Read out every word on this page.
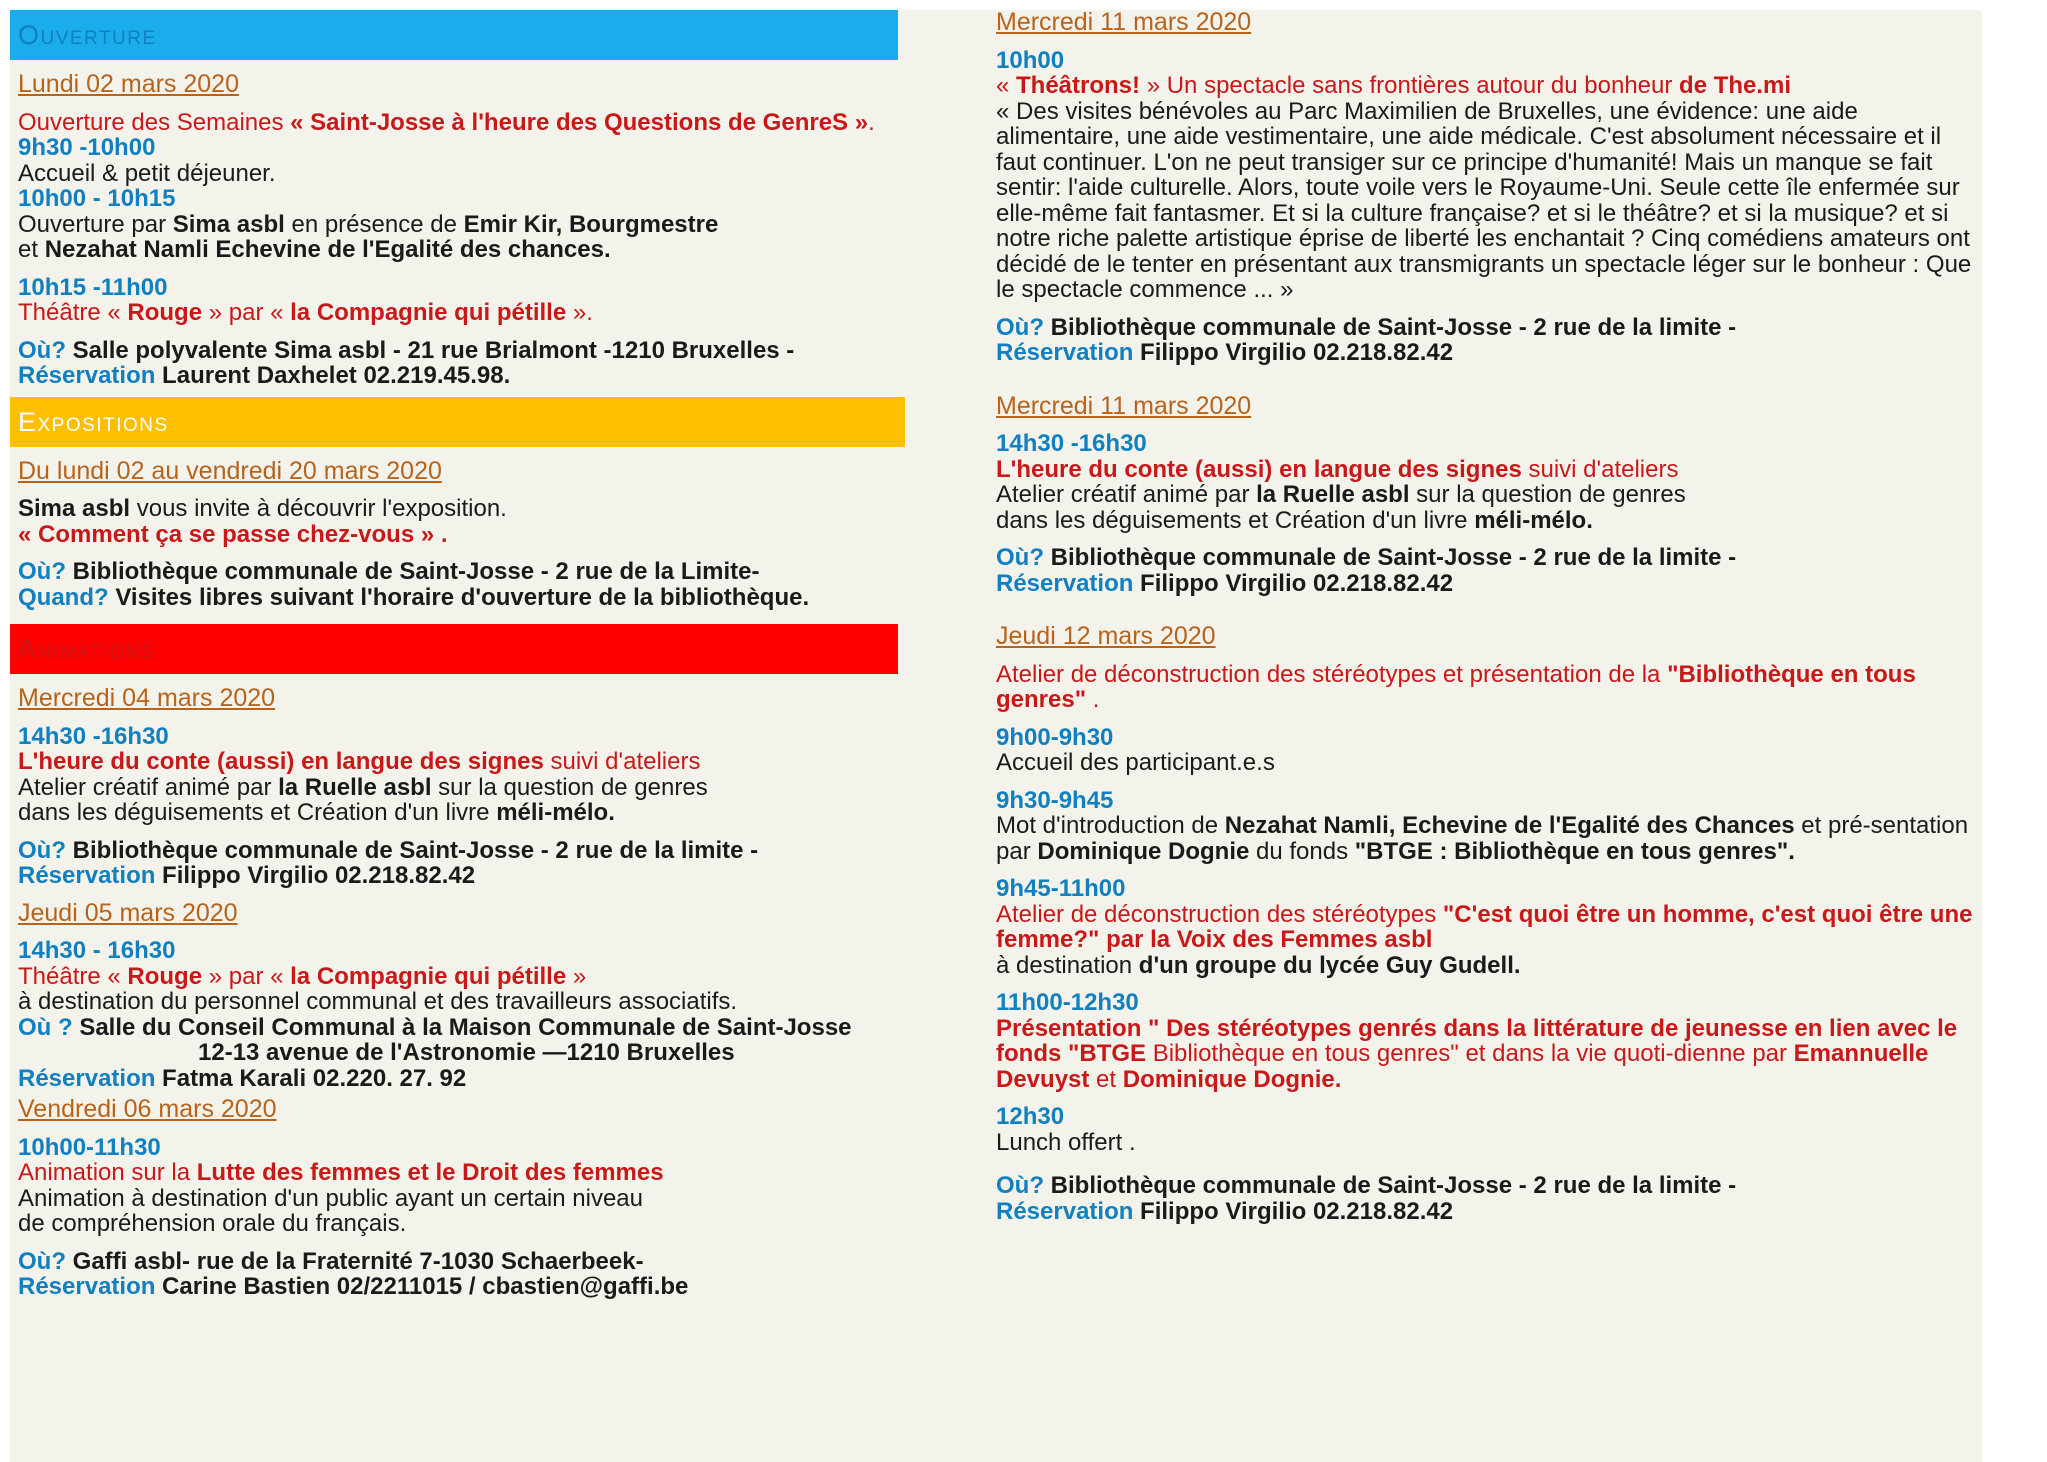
Ouverture
Lundi 02 mars 2020
Ouverture des Semaines « Saint-Josse à l'heure des Questions de GenreS ».
9h30 -10h00
Accueil & petit déjeuner.
10h00 - 10h15
Ouverture par Sima asbl en présence de Emir Kir, Bourgmestre
et Nezahat Namli Echevine de l'Egalité des chances.
10h15 -11h00
Théâtre « Rouge » par « la Compagnie qui pétille ».
Où? Salle polyvalente Sima asbl - 21 rue Brialmont -1210 Bruxelles -
Réservation Laurent Daxhelet 02.219.45.98.
Expositions
Du lundi 02 au vendredi 20 mars 2020
Sima asbl vous invite à découvrir l'exposition.
« Comment ça se passe chez-vous » .
Où? Bibliothèque communale de Saint-Josse - 2 rue de la Limite-
Quand? Visites libres suivant l'horaire d'ouverture de la bibliothèque.
Animations
Mercredi 04 mars 2020
14h30 -16h30
L'heure du conte (aussi) en langue des signes suivi d'ateliers
Atelier créatif animé par la Ruelle asbl sur la question de genres
dans les déguisements et Création d'un livre méli-mélo.
Où? Bibliothèque communale de Saint-Josse - 2 rue de la limite -
Réservation Filippo Virgilio 02.218.82.42
Jeudi 05 mars 2020
14h30 - 16h30
Théâtre « Rouge » par « la Compagnie qui pétille »
à destination du personnel communal et des travailleurs associatifs.
Où ? Salle du Conseil Communal à la Maison Communale de Saint-Josse
12-13 avenue de l'Astronomie —1210 Bruxelles
Réservation Fatma Karali 02.220. 27. 92
Vendredi 06 mars 2020
10h00-11h30
Animation sur la Lutte des femmes et le Droit des femmes
Animation à destination d'un public ayant un certain niveau
de compréhension orale du français.
Où? Gaffi asbl- rue de la Fraternité 7-1030 Schaerbeek-
Réservation Carine Bastien 02/2211015 / cbastien@gaffi.be
Mercredi 11 mars 2020
10h00
« Théâtrons! » Un spectacle sans frontières autour du bonheur de The.mi
« Des visites bénévoles au Parc Maximilien de Bruxelles, une évidence: une aide alimentaire, une aide vestimentaire, une aide médicale. C'est absolument nécessaire et il faut continuer. L'on ne peut transiger sur ce principe d'humanité! Mais un manque se fait sentir: l'aide culturelle. Alors, toute voile vers le Royaume-Uni. Seule cette île enfermée sur elle-même fait fantasmer. Et si la culture française? et si le théâtre? et si la musique? et si notre riche palette artistique éprise de liberté les enchantait ? Cinq comédiens amateurs ont décidé de le tenter en présentant aux transmigrants un spectacle léger sur le bonheur : Que le spectacle commence ... »
Où? Bibliothèque communale de Saint-Josse - 2 rue de la limite -
Réservation Filippo Virgilio 02.218.82.42
Mercredi 11 mars 2020
14h30 -16h30
L'heure du conte (aussi) en langue des signes suivi d'ateliers
Atelier créatif animé par la Ruelle asbl sur la question de genres
dans les déguisements et Création d'un livre méli-mélo.
Où? Bibliothèque communale de Saint-Josse - 2 rue de la limite -
Réservation Filippo Virgilio 02.218.82.42
Jeudi 12 mars 2020
Atelier de déconstruction des stéréotypes et présentation de la "Bibliothèque en tous genres" .
9h00-9h30
Accueil des participant.e.s
9h30-9h45
Mot d'introduction de Nezahat Namli, Echevine de l'Egalité des Chances et pré-sentation par Dominique Dognie du fonds "BTGE : Bibliothèque en tous genres".
9h45-11h00
Atelier de déconstruction des stéréotypes "C'est quoi être un homme, c'est quoi être une femme?" par la Voix des Femmes asbl
à destination d'un groupe du lycée Guy Gudell.
11h00-12h30
Présentation " Des stéréotypes genrés dans la littérature de jeunesse en lien avec le fonds "BTGE Bibliothèque en tous genres" et dans la vie quoti-dienne par Emannuelle Devuyst et Dominique Dognie.
12h30
Lunch offert .
Où? Bibliothèque communale de Saint-Josse - 2 rue de la limite -
Réservation Filippo Virgilio 02.218.82.42
